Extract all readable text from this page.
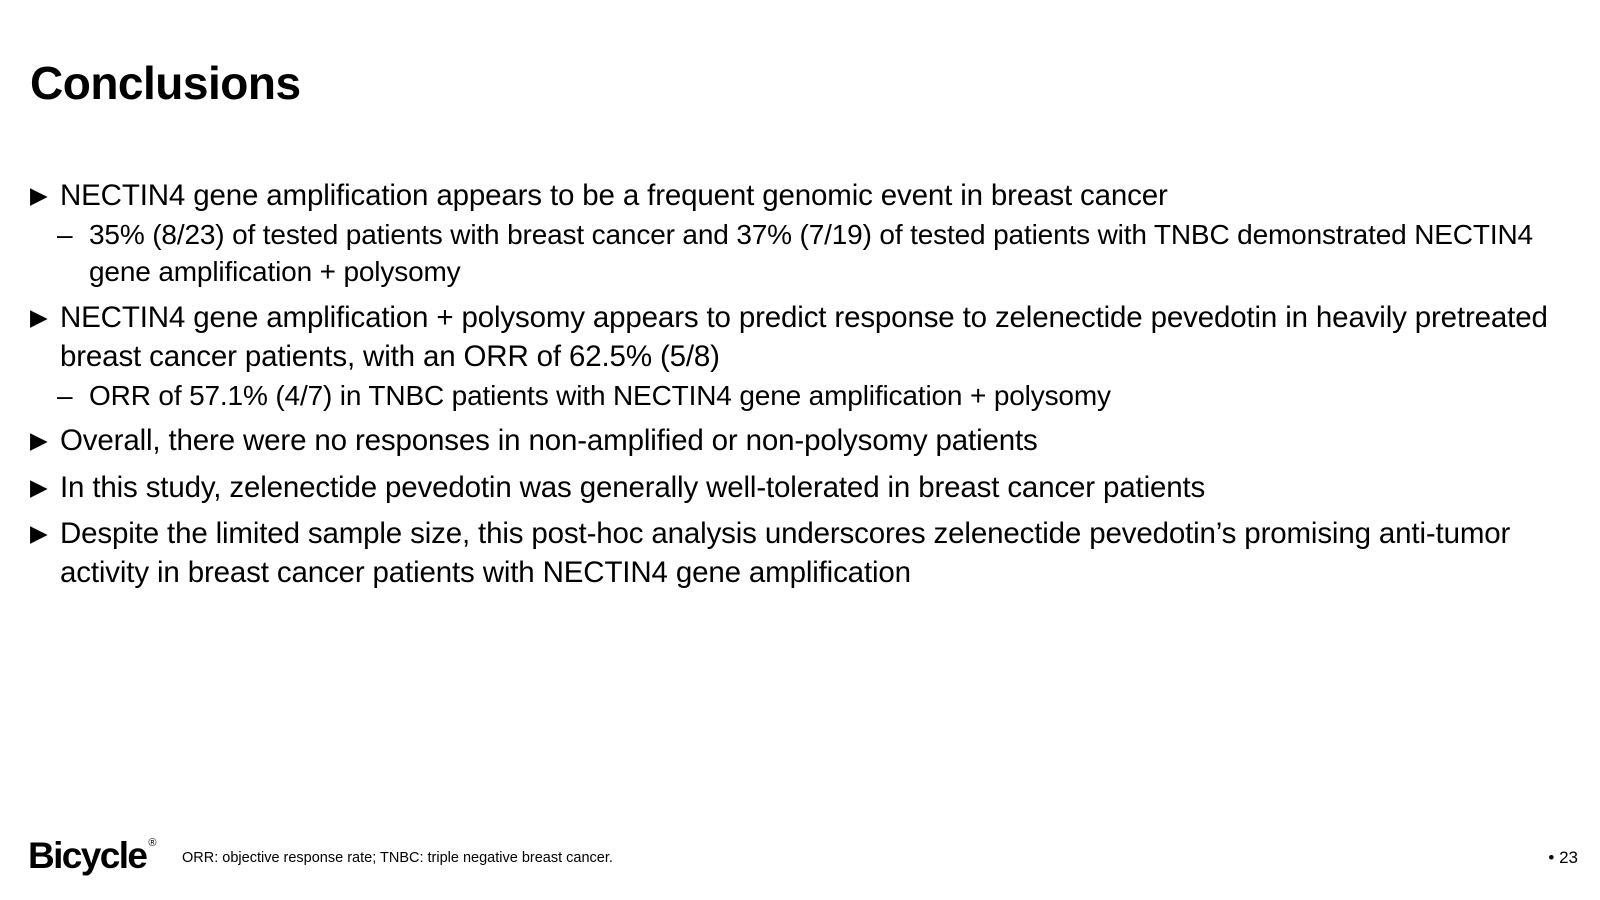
Conclusions
▶ NECTIN4 gene amplification appears to be a frequent genomic event in breast cancer
– 35% (8/23) of tested patients with breast cancer and 37% (7/19) of tested patients with TNBC demonstrated NECTIN4 gene amplification + polysomy
▶ NECTIN4 gene amplification + polysomy appears to predict response to zelenectide pevedotin in heavily pretreated breast cancer patients, with an ORR of 62.5% (5/8)
– ORR of 57.1% (4/7) in TNBC patients with NECTIN4 gene amplification + polysomy
▶ Overall, there were no responses in non-amplified or non-polysomy patients
▶ In this study, zelenectide pevedotin was generally well-tolerated in breast cancer patients
▶ Despite the limited sample size, this post-hoc analysis underscores zelenectide pevedotin’s promising anti-tumor activity in breast cancer patients with NECTIN4 gene amplification
Bicycle ®
ORR: objective response rate; TNBC: triple negative breast cancer.	• 23
